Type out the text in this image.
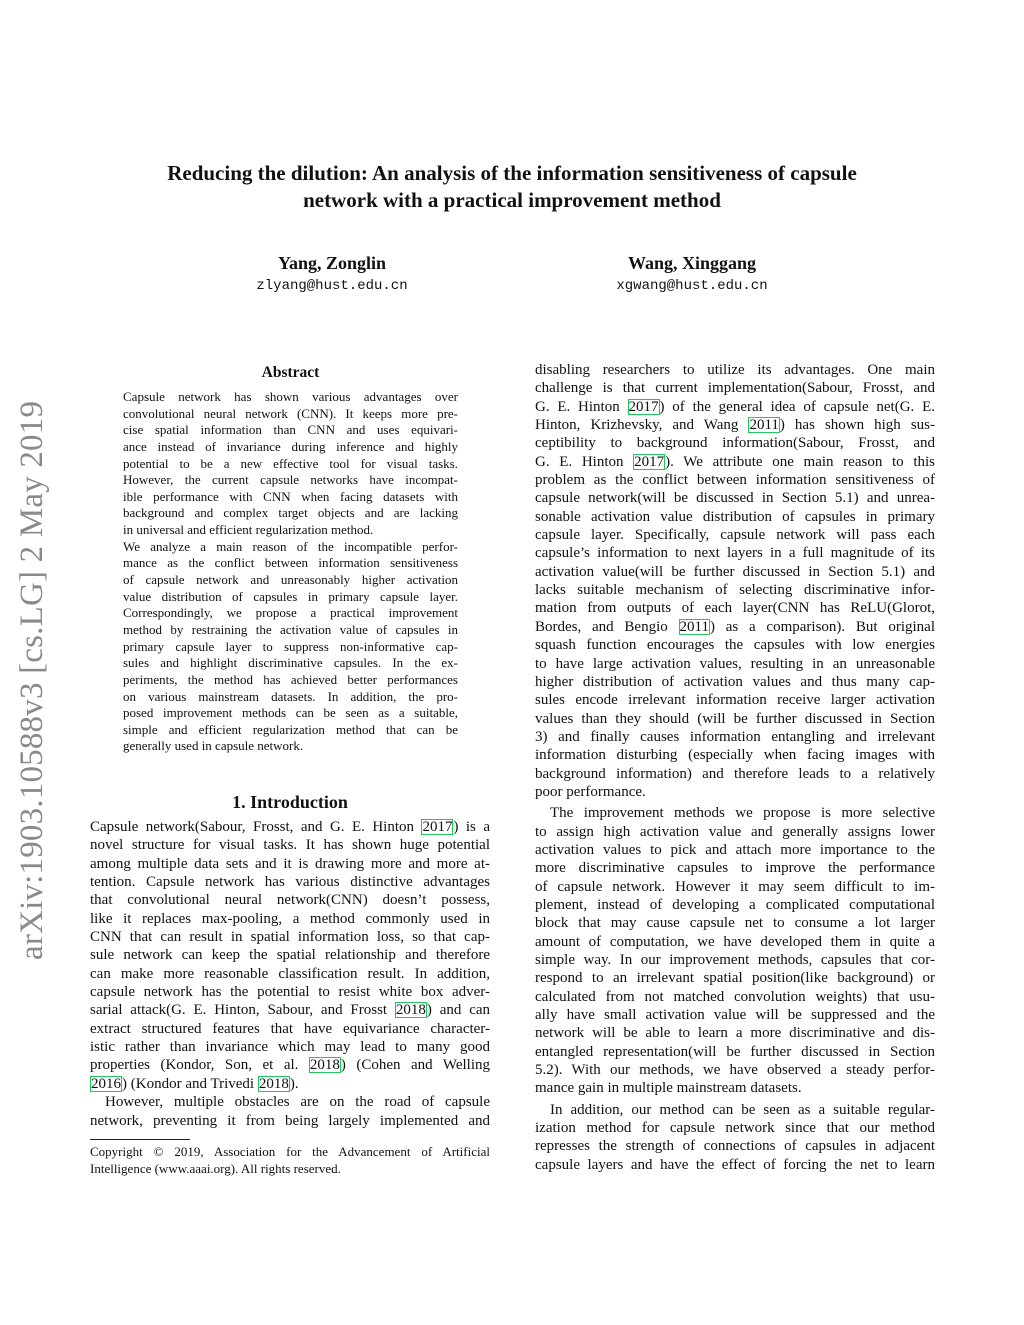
arXiv:1903.10588v3 [cs.LG] 2 May 2019
Reducing the dilution: An analysis of the information sensitiveness of capsule
network with a practical improvement method
Yang, Zonglin
zlyang@hust.edu.cn
Wang, Xinggang
xgwang@hust.edu.cn
Abstract
Capsule network has shown various advantages over
convolutional neural network (CNN). It keeps more pre-
cise spatial information than CNN and uses equivari-
ance instead of invariance during inference and highly
potential to be a new effective tool for visual tasks.
However, the current capsule networks have incompat-
ible performance with CNN when facing datasets with
background and complex target objects and are lacking
in universal and efficient regularization method.
We analyze a main reason of the incompatible perfor-
mance as the conflict between information sensitiveness
of capsule network and unreasonably higher activation
value distribution of capsules in primary capsule layer.
Correspondingly, we propose a practical improvement
method by restraining the activation value of capsules in
primary capsule layer to suppress non-informative cap-
sules and highlight discriminative capsules. In the ex-
periments, the method has achieved better performances
on various mainstream datasets. In addition, the pro-
posed improvement methods can be seen as a suitable,
simple and efficient regularization method that can be
generally used in capsule network.
1. Introduction
Capsule network(Sabour, Frosst, and G. E. Hinton 2017) is a
novel structure for visual tasks. It has shown huge potential
among multiple data sets and it is drawing more and more at-
tention. Capsule network has various distinctive advantages
that convolutional neural network(CNN) doesn’t possess,
like it replaces max-pooling, a method commonly used in
CNN that can result in spatial information loss, so that cap-
sule network can keep the spatial relationship and therefore
can make more reasonable classification result. In addition,
capsule network has the potential to resist white box adver-
sarial attack(G. E. Hinton, Sabour, and Frosst 2018) and can
extract structured features that have equivariance character-
istic rather than invariance which may lead to many good
properties (Kondor, Son, et al. 2018) (Cohen and Welling
2016) (Kondor and Trivedi 2018).
However, multiple obstacles are on the road of capsule
network, preventing it from being largely implemented and
Copyright © 2019, Association for the Advancement of Artificial
Intelligence (www.aaai.org). All rights reserved.
disabling researchers to utilize its advantages. One main
challenge is that current implementation(Sabour, Frosst, and
G. E. Hinton 2017) of the general idea of capsule net(G. E.
Hinton, Krizhevsky, and Wang 2011) has shown high sus-
ceptibility to background information(Sabour, Frosst, and
G. E. Hinton 2017). We attribute one main reason to this
problem as the conflict between information sensitiveness of
capsule network(will be discussed in Section 5.1) and unrea-
sonable activation value distribution of capsules in primary
capsule layer. Specifically, capsule network will pass each
capsule’s information to next layers in a full magnitude of its
activation value(will be further discussed in Section 5.1) and
lacks suitable mechanism of selecting discriminative infor-
mation from outputs of each layer(CNN has ReLU(Glorot,
Bordes, and Bengio 2011) as a comparison). But original
squash function encourages the capsules with low energies
to have large activation values, resulting in an unreasonable
higher distribution of activation values and thus many cap-
sules encode irrelevant information receive larger activation
values than they should (will be further discussed in Section
3) and finally causes information entangling and irrelevant
information disturbing (especially when facing images with
background information) and therefore leads to a relatively
poor performance.
The improvement methods we propose is more selective
to assign high activation value and generally assigns lower
activation values to pick and attach more importance to the
more discriminative capsules to improve the performance
of capsule network. However it may seem difficult to im-
plement, instead of developing a complicated computational
block that may cause capsule net to consume a lot larger
amount of computation, we have developed them in quite a
simple way. In our improvement methods, capsules that cor-
respond to an irrelevant spatial position(like background) or
calculated from not matched convolution weights) that usu-
ally have small activation value will be suppressed and the
network will be able to learn a more discriminative and dis-
entangled representation(will be further discussed in Section
5.2). With our methods, we have observed a steady perfor-
mance gain in multiple mainstream datasets.
In addition, our method can be seen as a suitable regular-
ization method for capsule network since that our method
represses the strength of connections of capsules in adjacent
capsule layers and have the effect of forcing the net to learn
